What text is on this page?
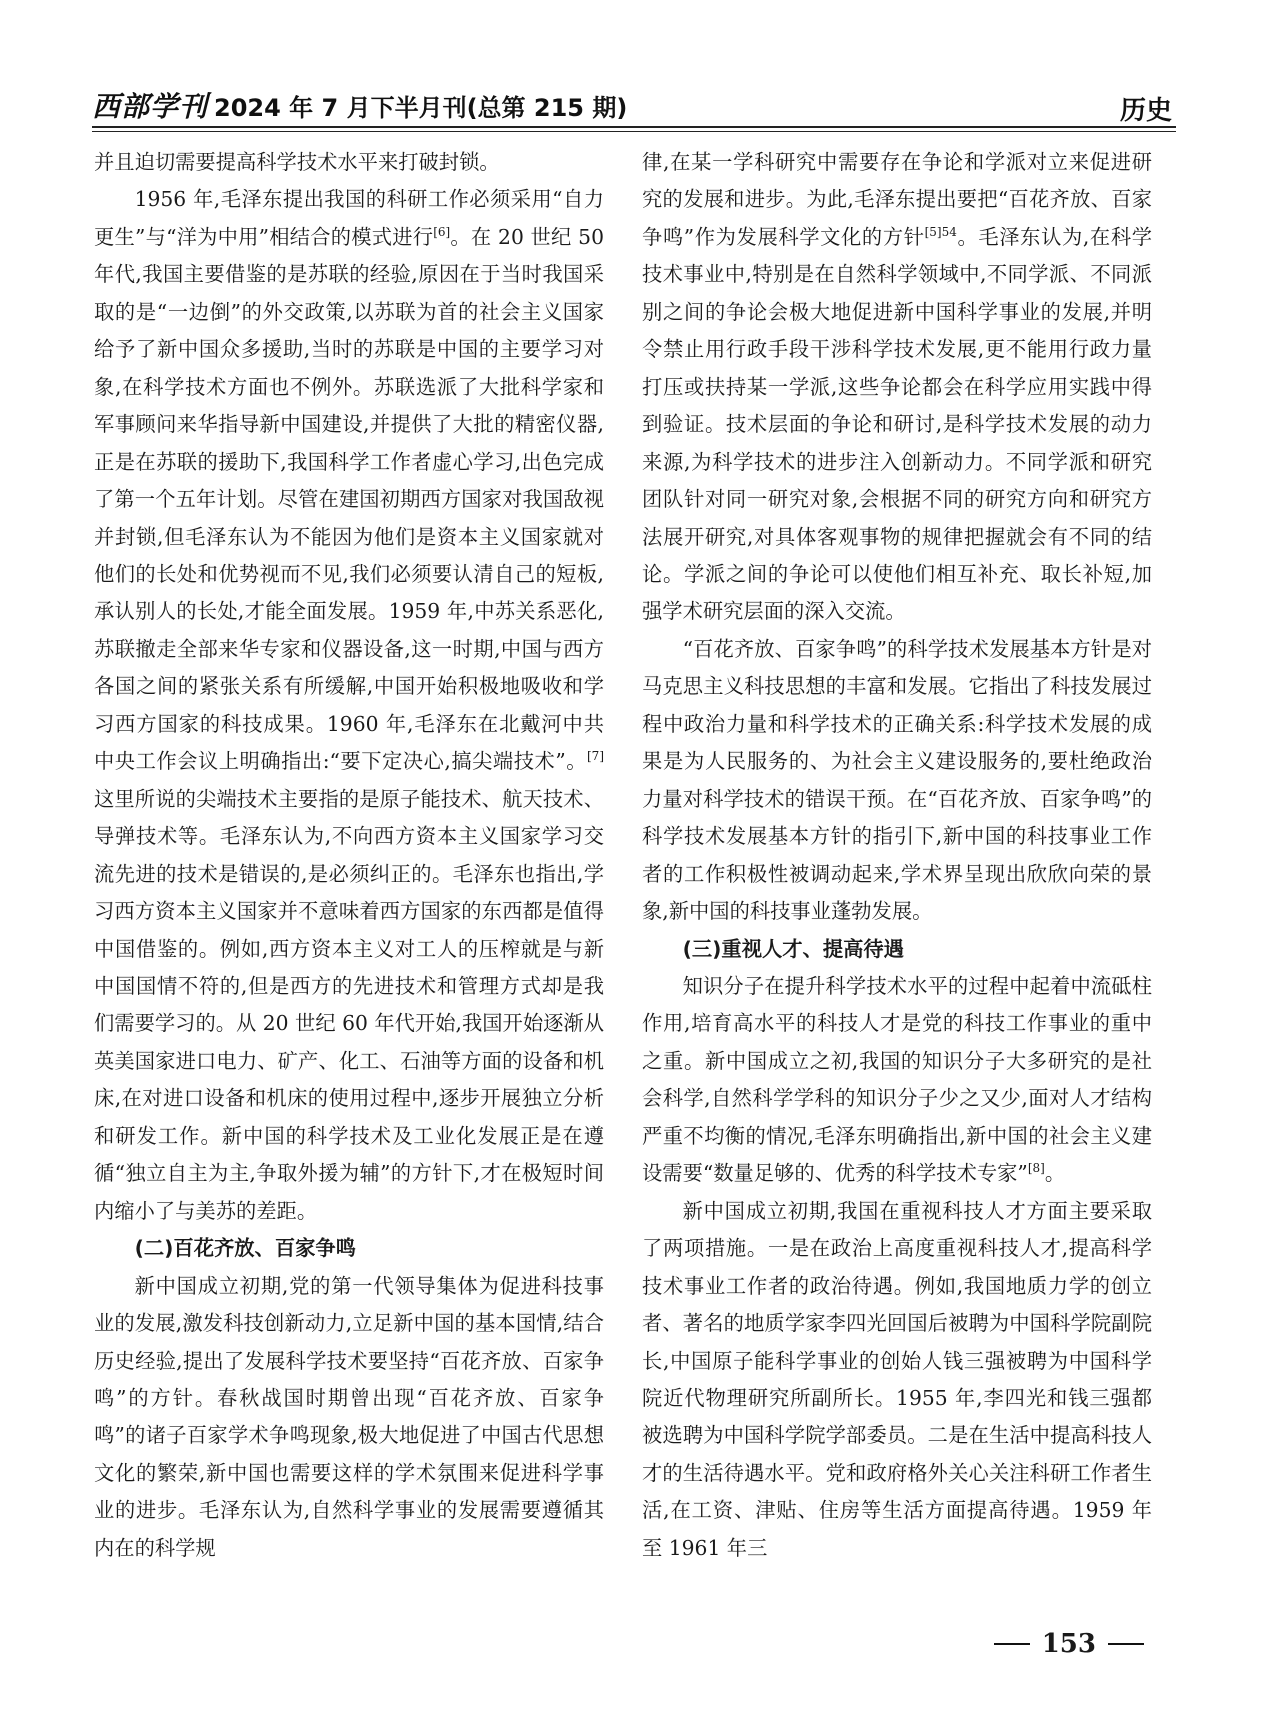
西部学刊 2024 年 7 月下半月刊(总第 215 期)	历史

并且迫切需要提高科学技术水平来打破封锁。

1956 年,毛泽东提出我国的科研工作必须采用“自力更生”与“洋为中用”相结合的模式进行[6]。在 20 世纪 50 年代,我国主要借鉴的是苏联的经验,原因在于当时我国采取的是“一边倒”的外交政策,以苏联为首的社会主义国家给予了新中国众多援助,当时的苏联是中国的主要学习对象,在科学技术方面也不例外。苏联选派了大批科学家和军事顾问来华指导新中国建设,并提供了大批的精密仪器,正是在苏联的援助下,我国科学工作者虚心学习,出色完成了第一个五年计划。尽管在建国初期西方国家对我国敌视并封锁,但毛泽东认为不能因为他们是资本主义国家就对他们的长处和优势视而不见,我们必须要认清自己的短板,承认别人的长处,才能全面发展。1959 年,中苏关系恶化,苏联撤走全部来华专家和仪器设备,这一时期,中国与西方各国之间的紧张关系有所缓解,中国开始积极地吸收和学习西方国家的科技成果。1960 年,毛泽东在北戴河中共中央工作会议上明确指出:“要下定决心,搞尖端技术”。[7]这里所说的尖端技术主要指的是原子能技术、航天技术、导弹技术等。毛泽东认为,不向西方资本主义国家学习交流先进的技术是错误的,是必须纠正的。毛泽东也指出,学习西方资本主义国家并不意味着西方国家的东西都是值得中国借鉴的。例如,西方资本主义对工人的压榨就是与新中国国情不符的,但是西方的先进技术和管理方式却是我们需要学习的。从 20 世纪 60 年代开始,我国开始逐渐从英美国家进口电力、矿产、化工、石油等方面的设备和机床,在对进口设备和机床的使用过程中,逐步开展独立分析和研发工作。新中国的科学技术及工业化发展正是在遵循“独立自主为主,争取外援为辅”的方针下,才在极短时间内缩小了与美苏的差距。

(二)百花齐放、百家争鸣

新中国成立初期,党的第一代领导集体为促进科技事业的发展,激发科技创新动力,立足新中国的基本国情,结合历史经验,提出了发展科学技术要坚持“百花齐放、百家争鸣”的方针。春秋战国时期曾出现“百花齐放、百家争鸣”的诸子百家学术争鸣现象,极大地促进了中国古代思想文化的繁荣,新中国也需要这样的学术氛围来促进科学事业的进步。毛泽东认为,自然科学事业的发展需要遵循其内在的科学规

律,在某一学科研究中需要存在争论和学派对立来促进研究的发展和进步。为此,毛泽东提出要把“百花齐放、百家争鸣”作为发展科学文化的方针$^{[5]54}$。毛泽东认为,在科学技术事业中,特别是在自然科学领域中,不同学派、不同派别之间的争论会极大地促进新中国科学事业的发展,并明令禁止用行政手段干涉科学技术发展,更不能用行政力量打压或扶持某一学派,这些争论都会在科学应用实践中得到验证。技术层面的争论和研讨,是科学技术发展的动力来源,为科学技术的进步注入创新动力。不同学派和研究团队针对同一研究对象,会根据不同的研究方向和研究方法展开研究,对具体客观事物的规律把握就会有不同的结论。学派之间的争论可以使他们相互补充、取长补短,加强学术研究层面的深入交流。

“百花齐放、百家争鸣”的科学技术发展基本方针是对马克思主义科技思想的丰富和发展。它指出了科技发展过程中政治力量和科学技术的正确关系:科学技术发展的成果是为人民服务的、为社会主义建设服务的,要杜绝政治力量对科学技术的错误干预。在“百花齐放、百家争鸣”的科学技术发展基本方针的指引下,新中国的科技事业工作者的工作积极性被调动起来,学术界呈现出欣欣向荣的景象,新中国的科技事业蓬勃发展。

(三)重视人才、提高待遇

知识分子在提升科学技术水平的过程中起着中流砥柱作用,培育高水平的科技人才是党的科技工作事业的重中之重。新中国成立之初,我国的知识分子大多研究的是社会科学,自然科学学科的知识分子少之又少,面对人才结构严重不均衡的情况,毛泽东明确指出,新中国的社会主义建设需要“数量足够的、优秀的科学技术专家”[8]。

新中国成立初期,我国在重视科技人才方面主要采取了两项措施。一是在政治上高度重视科技人才,提高科学技术事业工作者的政治待遇。例如,我国地质力学的创立者、著名的地质学家李四光回国后被聘为中国科学院副院长,中国原子能科学事业的创始人钱三强被聘为中国科学院近代物理研究所副所长。1955 年,李四光和钱三强都被选聘为中国科学院学部委员。二是在生活中提高科技人才的生活待遇水平。党和政府格外关心关注科研工作者生活,在工资、津贴、住房等生活方面提高待遇。1959 年至 1961 年三

153
